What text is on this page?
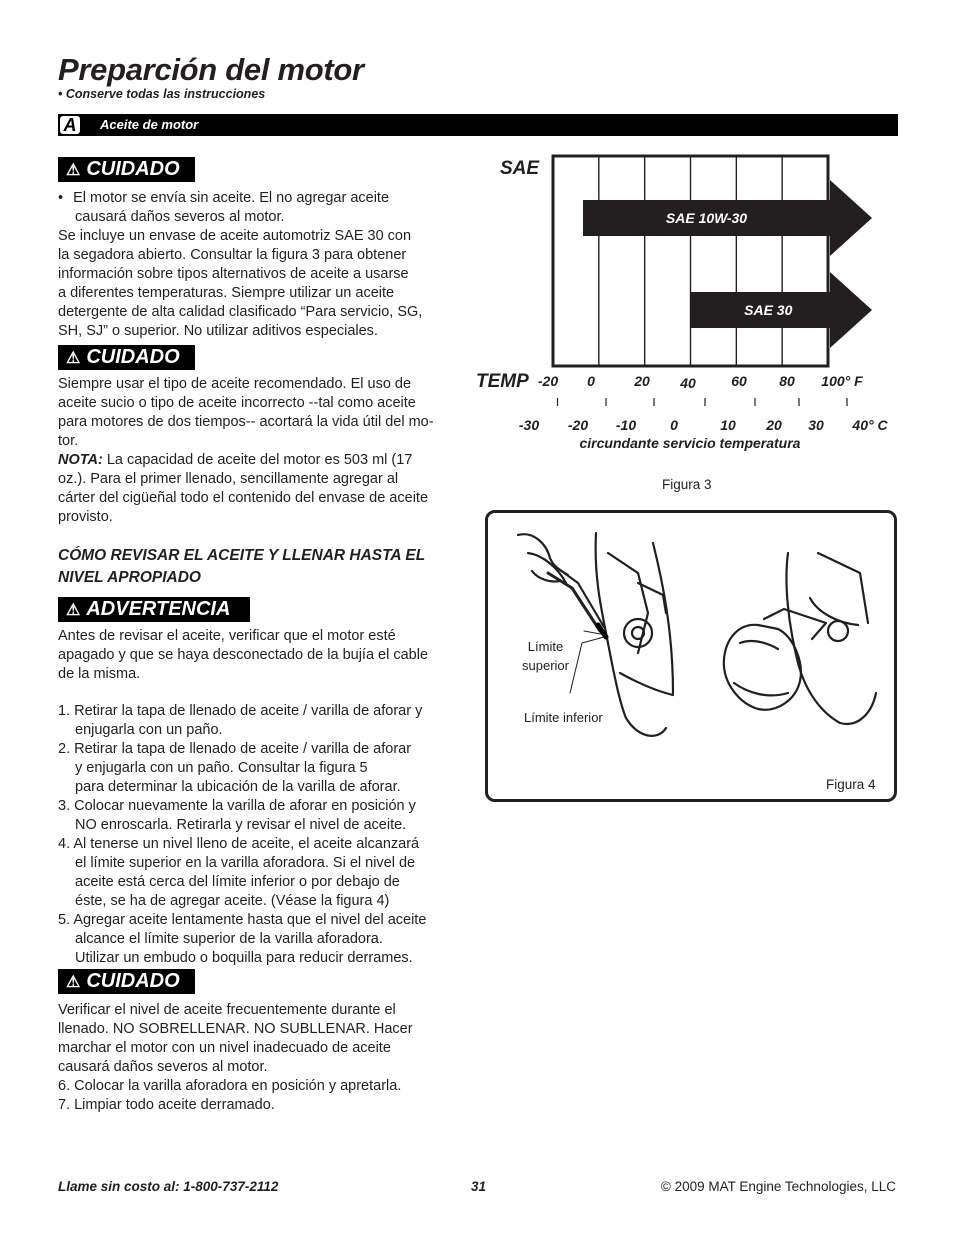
Preparción del motor
• Conserve todas las instrucciones
A	Aceite de motor
⚠ CUIDADO
• El motor se envía sin aceite. El no agregar aceite
causará daños severos al motor.
Se incluye un envase de aceite automotriz SAE 30 con
la segadora abierto. Consultar la figura 3 para obtener
información sobre tipos alternativos de aceite a usarse
a diferentes temperaturas. Siempre utilizar un aceite
detergente de alta calidad clasificado “Para servicio, SG,
SH, SJ” o superior. No utilizar aditivos especiales.
⚠ CUIDADO
Siempre usar el tipo de aceite recomendado. El uso de
aceite sucio o tipo de aceite incorrecto --tal como aceite
para motores de dos tiempos-- acortará la vida útil del mo-
tor.
NOTA: La capacidad de aceite del motor es 503 ml (17
oz.). Para el primer llenado, sencillamente agregar al
cárter del cigüeñal todo el contenido del envase de aceite
provisto.
CÓMO REVISAR EL ACEITE Y LLENAR HASTA EL
NIVEL APROPIADO
⚠ ADVERTENCIA
Antes de revisar el aceite, verificar que el motor esté
apagado y que se haya desconectado de la bujía el cable
de la misma.
1. Retirar la tapa de llenado de aceite / varilla de aforar y
enjugarla con un paño.
2. Retirar la tapa de llenado de aceite / varilla de aforar
y enjugarla con un paño. Consultar la figura 5
para determinar la ubicación de la varilla de aforar.
3. Colocar nuevamente la varilla de aforar en posición y
NO enroscarla. Retirarla y revisar el nivel de aceite.
4. Al tenerse un nivel lleno de aceite, el aceite alcanzará
el límite superior en la varilla aforadora. Si el nivel de
aceite está cerca del límite inferior o por debajo de
éste, se ha de agregar aceite. (Véase la figura 4)
5. Agregar aceite lentamente hasta que el nivel del aceite
alcance el límite superior de la varilla aforadora.
Utilizar un embudo o boquilla para reducir derrames.
⚠ CUIDADO
Verificar el nivel de aceite frecuentemente durante el
llenado. NO SOBRELLENAR. NO SUBLLENAR. Hacer
marchar el motor con un nivel inadecuado de aceite
causará daños severos al motor.
6. Colocar la varilla aforadora en posición y apretarla.
7. Limpiar todo aceite derramado.
SAE
TEMP
SAE 10W-30
SAE 30
-20 0	20 40	60 80 100° F
-30 -20 -10 0	10 20 30 40° C
circundante servicio temperatura
Figura 3
Límite
superior
Límite inferior
Figura 4
Llame sin costo al: 1-800-737-2112	31	© 2009 MAT Engine Technologies, LLC
